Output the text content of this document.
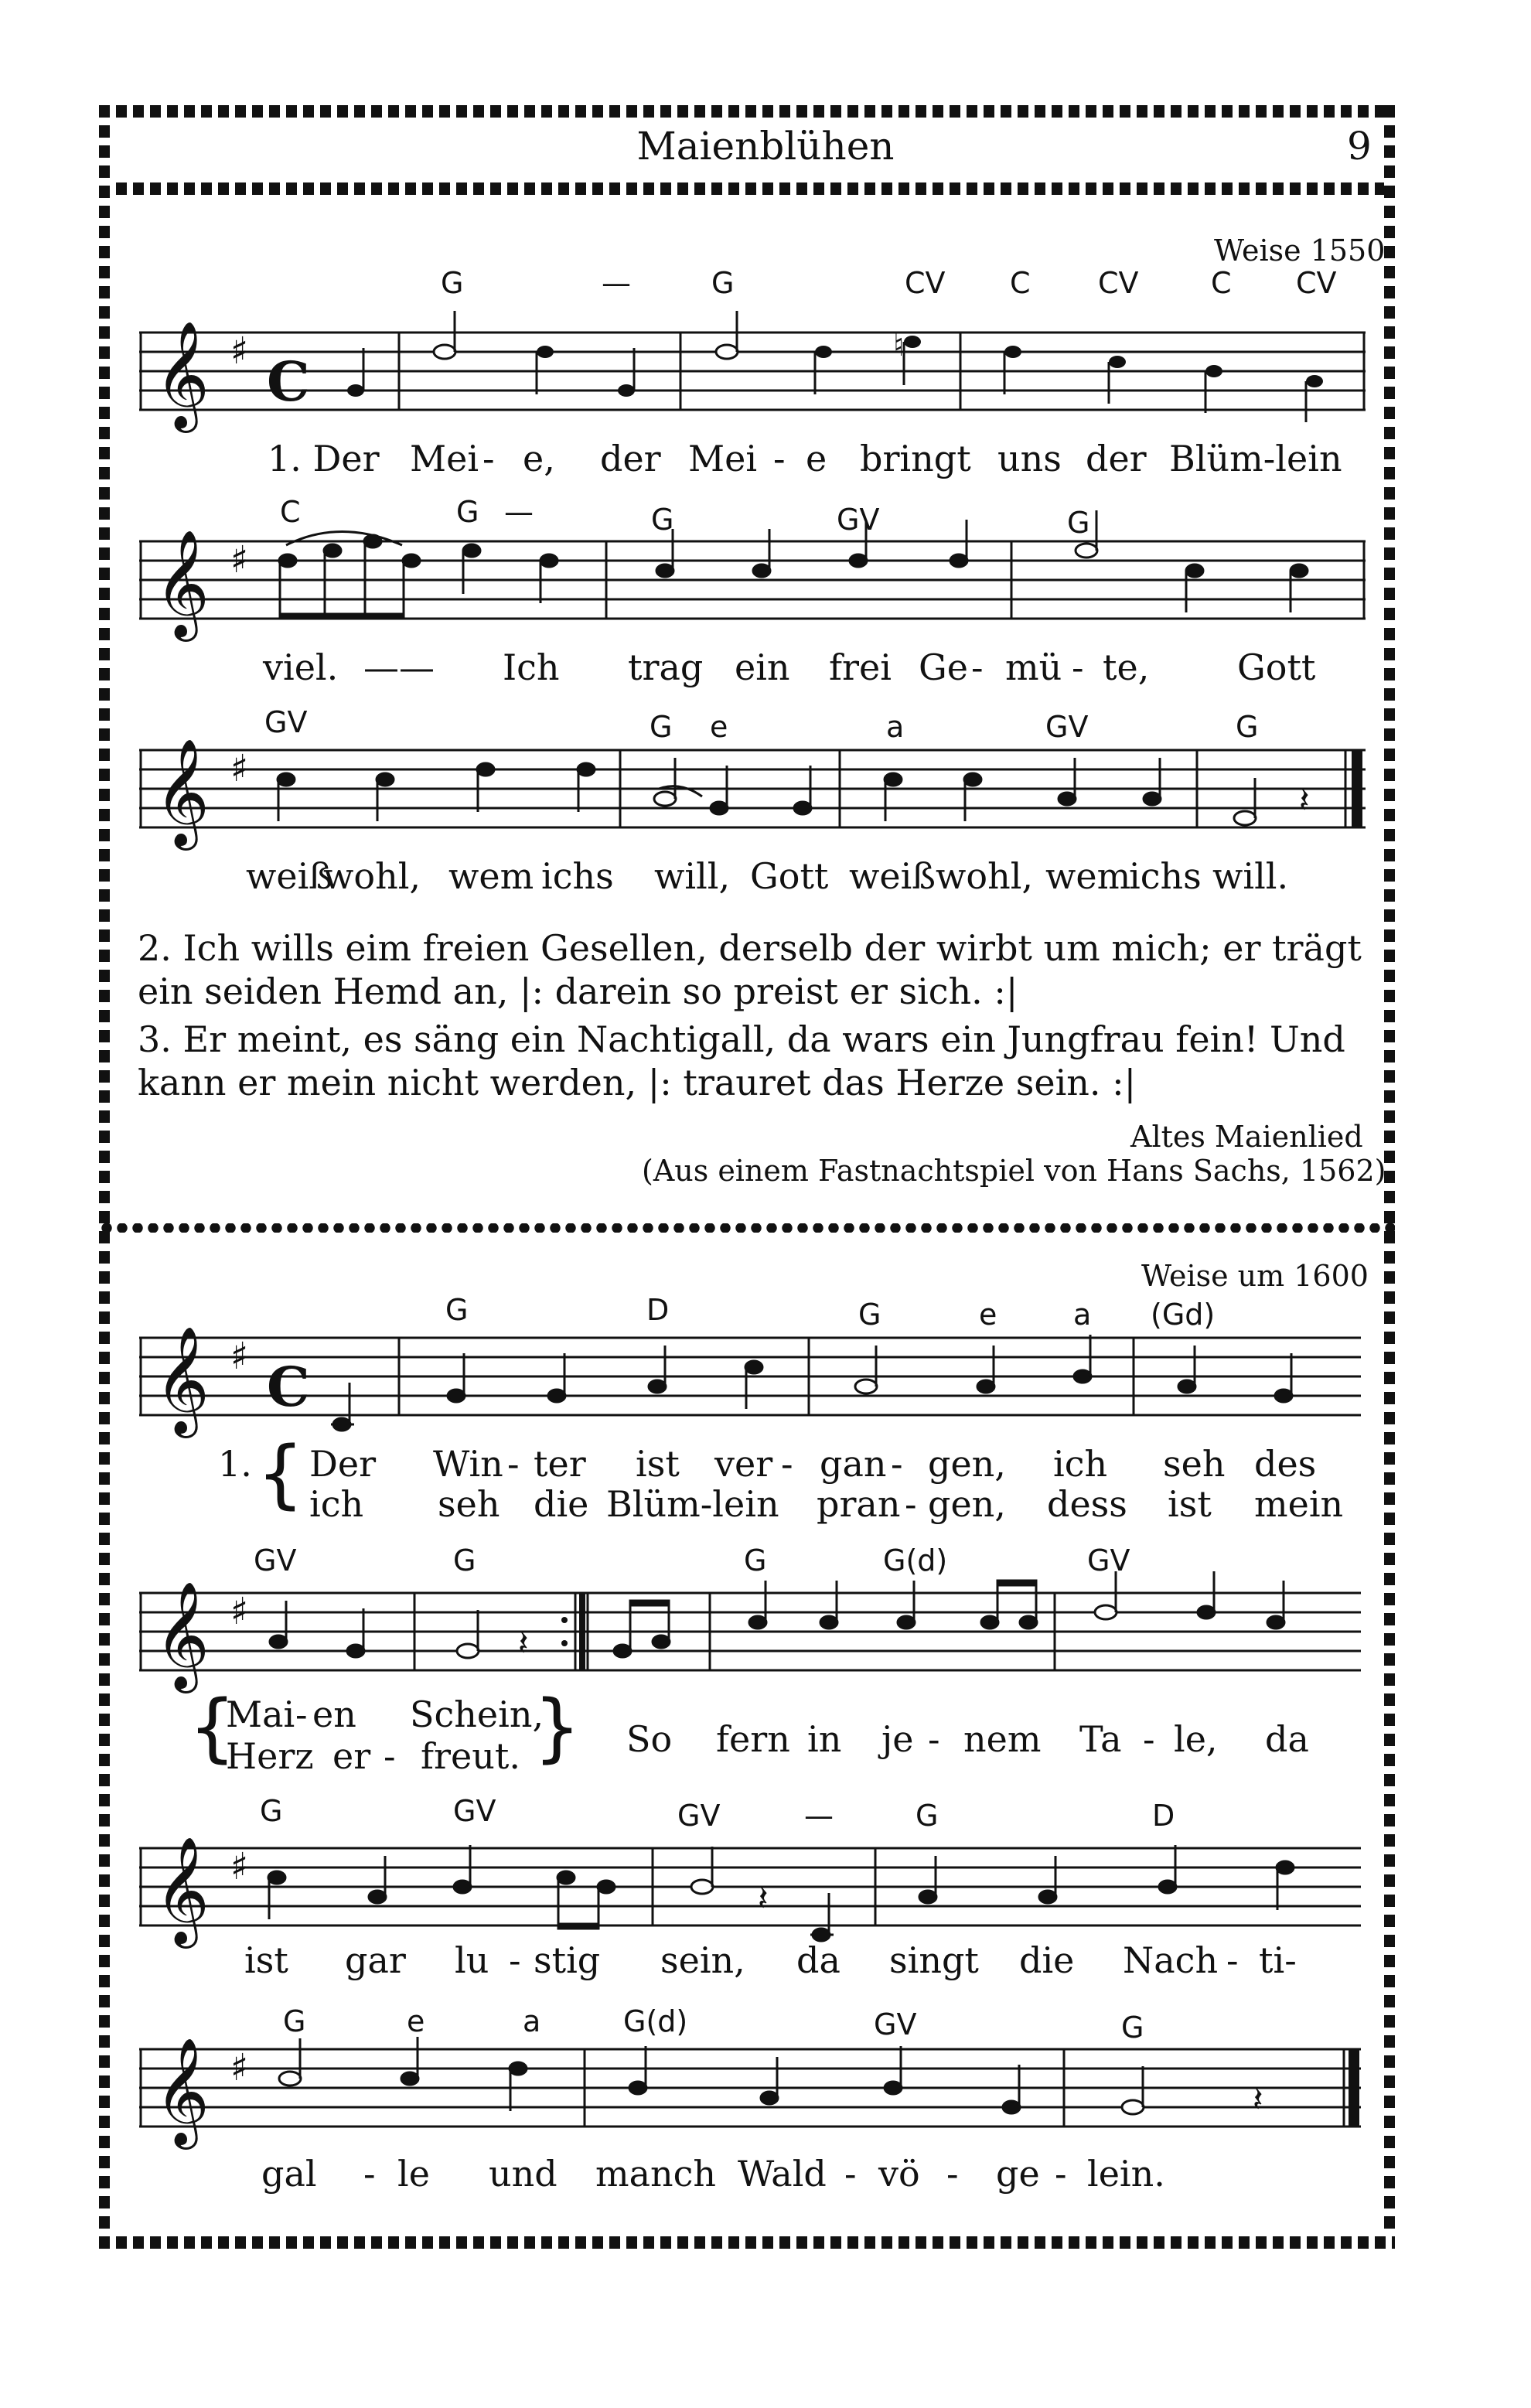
Maienblühen	9
Weise 1550
G	—	G	CV C CV C CV
𝄞 ♯ C
♮
1. Der Mei - e, der Mei - e bringt uns der Blüm-lein
C	G —	G	GV	G
𝄞 ♯
viel. —— Ich trag ein frei Ge - mü - te, Gott
GV	G e	a	GV	G
𝄞 ♯
𝄽
weiß
wohl, wem ichs will, Gott weiß wohl, wem
ichs will.
2. Ich wills eim freien Gesellen, derselb der wirbt um mich; er trägt ein seiden Hemd an, |: darein so preist er sich. :|
3. Er meint, es säng ein Nachtigall, da wars ein Jungfrau fein! Und kann er mein nicht werden, |: trauret das Herze sein. :|
Altes Maienlied
(Aus einem Fastnachtspiel von Hans Sachs, 1562)
Weise um 1600
G	D	G	e	a (Gd)
𝄞 ♯ C
1. { Der Win - ter ist ver - gan - gen, ich seh des
ich seh die Blüm-lein pran - gen, dess ist mein
GV	G	G	G(d)	GV
𝄞 ♯
𝄽
{
Mai - en Schein,
Herz er - freut. } So fern in je - nem Ta - le, da
G	GV	GV	—	G	D
𝄞 ♯
𝄽
ist gar lu - stig sein, da singt die Nach - ti-
G	e	a	G(d)	GV	G
𝄞 ♯
𝄽
gal - le und manch Wald - vö - ge - lein.
